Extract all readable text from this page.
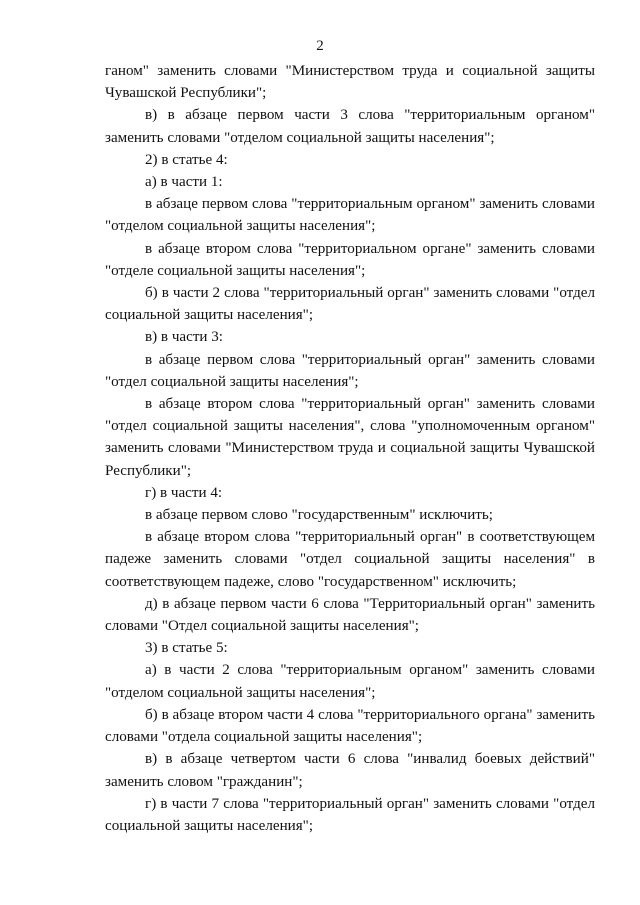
2

ганом" заменить словами "Министерством труда и социальной защиты Чувашской Республики";

в) в абзаце первом части 3 слова "территориальным органом" заменить словами "отделом социальной защиты населения";

2) в статье 4:

а) в части 1:

в абзаце первом слова "территориальным органом" заменить словами "отделом социальной защиты населения";

в абзаце втором слова "территориальном органе" заменить словами "отделе социальной защиты населения";

б) в части 2 слова "территориальный орган" заменить словами "отдел социальной защиты населения";

в) в части 3:

в абзаце первом слова "территориальный орган" заменить словами "отдел социальной защиты населения";

в абзаце втором слова "территориальный орган" заменить словами "отдел социальной защиты населения", слова "уполномоченным органом" заменить словами "Министерством труда и социальной защиты Чувашской Республики";

г) в части 4:

в абзаце первом слово "государственным" исключить;

в абзаце втором слова "территориальный орган" в соответствующем падеже заменить словами "отдел социальной защиты населения" в соответствующем падеже, слово "государственном" исключить;

д) в абзаце первом части 6 слова "Территориальный орган" заменить словами "Отдел социальной защиты населения";

3) в статье 5:

а) в части 2 слова "территориальным органом" заменить словами "отделом социальной защиты населения";

б) в абзаце втором части 4 слова "территориального органа" заменить словами "отдела социальной защиты населения";

в) в абзаце четвертом части 6 слова "инвалид боевых действий" заменить словом "гражданин";

г) в части 7 слова "территориальный орган" заменить словами "отдел социальной защиты населения";
